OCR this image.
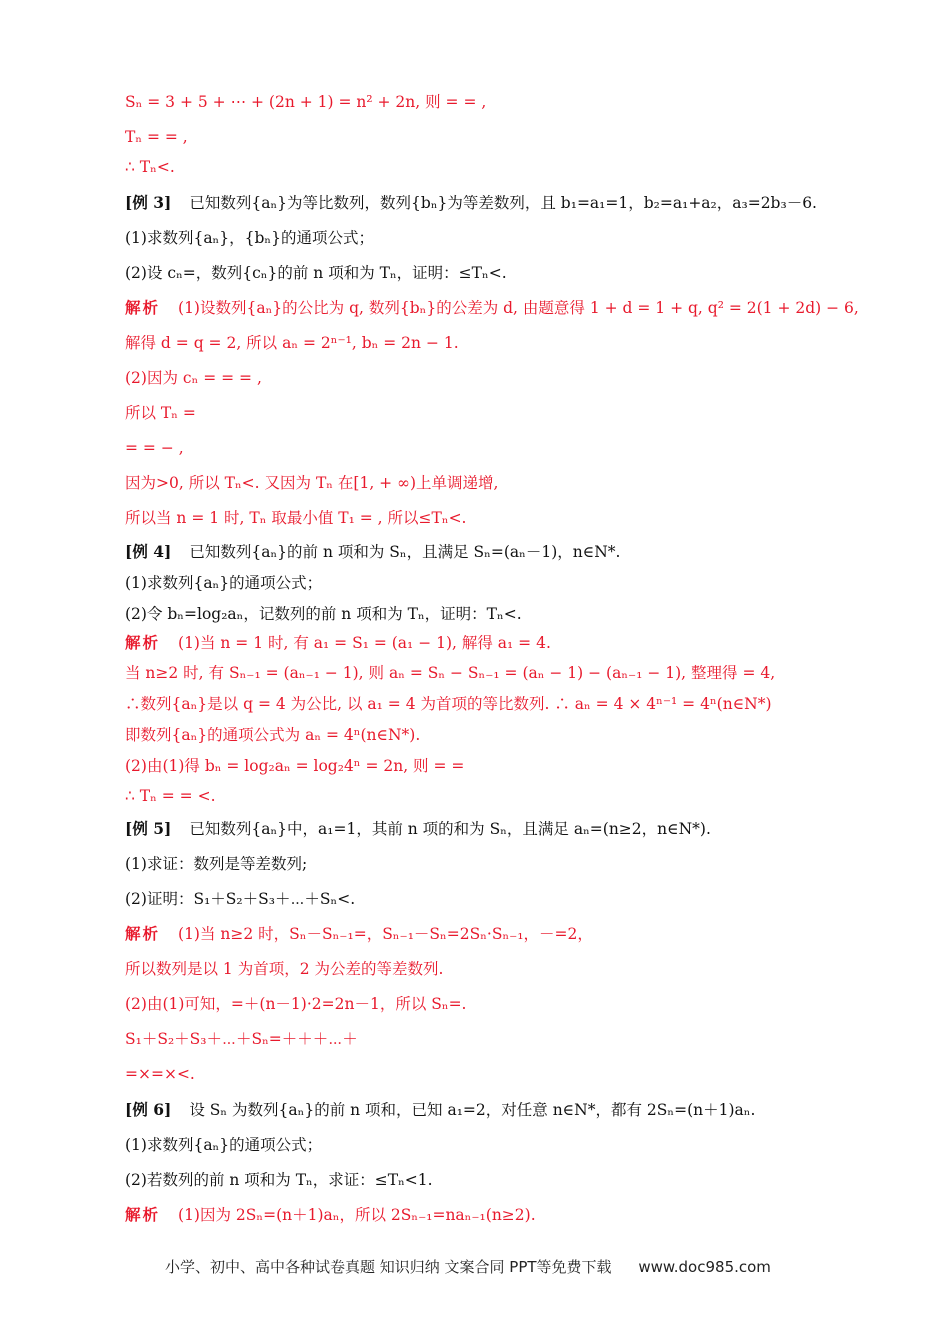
Sₙ = 3 + 5 + ⋯ + (2n + 1) = n² + 2n, 则 = = ,
Tₙ = = ,
∴ Tₙ<.
[例 3] 已知数列{aₙ}为等比数列，数列{bₙ}为等差数列，且 b₁=a₁=1，b₂=a₁+a₂，a₃=2b₃－6.
(1)求数列{aₙ}，{bₙ}的通项公式；
(2)设 cₙ=，数列{cₙ}的前 n 项和为 Tₙ，证明：≤Tₙ<.
解析 (1)设数列{aₙ}的公比为 q, 数列{bₙ}的公差为 d, 由题意得 1 + d = 1 + q, q² = 2(1 + 2d) − 6,
解得 d = q = 2, 所以 aₙ = 2ⁿ⁻¹, bₙ = 2n − 1.
(2)因为 cₙ = = = ,
所以 Tₙ =
= = − ,
因为>0, 所以 Tₙ<. 又因为 Tₙ 在[1, + ∞)上单调递增,
所以当 n = 1 时, Tₙ 取最小值 T₁ = , 所以≤Tₙ<.
[例 4] 已知数列{aₙ}的前 n 项和为 Sₙ，且满足 Sₙ=(aₙ－1)，n∈N*.
(1)求数列{aₙ}的通项公式；
(2)令 bₙ=log₂aₙ，记数列的前 n 项和为 Tₙ，证明：Tₙ<.
解析 (1)当 n = 1 时, 有 a₁ = S₁ = (a₁ − 1), 解得 a₁ = 4.
当 n≥2 时, 有 Sₙ₋₁ = (aₙ₋₁ − 1), 则 aₙ = Sₙ − Sₙ₋₁ = (aₙ − 1) − (aₙ₋₁ − 1), 整理得 = 4,
∴数列{aₙ}是以 q = 4 为公比, 以 a₁ = 4 为首项的等比数列. ∴ aₙ = 4 × 4ⁿ⁻¹ = 4ⁿ(n∈N*)
即数列{aₙ}的通项公式为 aₙ = 4ⁿ(n∈N*).
(2)由(1)得 bₙ = log₂aₙ = log₂4ⁿ = 2n, 则 = =
∴ Tₙ = = <.
[例 5] 已知数列{aₙ}中，a₁=1，其前 n 项的和为 Sₙ，且满足 aₙ=(n≥2，n∈N*).
(1)求证：数列是等差数列;
(2)证明：S₁＋S₂＋S₃＋⋯＋Sₙ<.
解析 (1)当 n≥2 时，Sₙ－Sₙ₋₁=，Sₙ₋₁－Sₙ=2Sₙ·Sₙ₋₁，－=2，
所以数列是以 1 为首项，2 为公差的等差数列.
(2)由(1)可知，=＋(n－1)·2=2n－1，所以 Sₙ=.
S₁＋S₂＋S₃＋⋯＋Sₙ=＋＋＋⋯＋
=×=×<.
[例 6] 设 Sₙ 为数列{aₙ}的前 n 项和，已知 a₁=2，对任意 n∈N*，都有 2Sₙ=(n＋1)aₙ.
(1)求数列{aₙ}的通项公式；
(2)若数列的前 n 项和为 Tₙ，求证：≤Tₙ<1.
解析 (1)因为 2Sₙ=(n＋1)aₙ，所以 2Sₙ₋₁=naₙ₋₁(n≥2).
小学、初中、高中各种试卷真题 知识归纳 文案合同 PPT等免费下载 www.doc985.com
